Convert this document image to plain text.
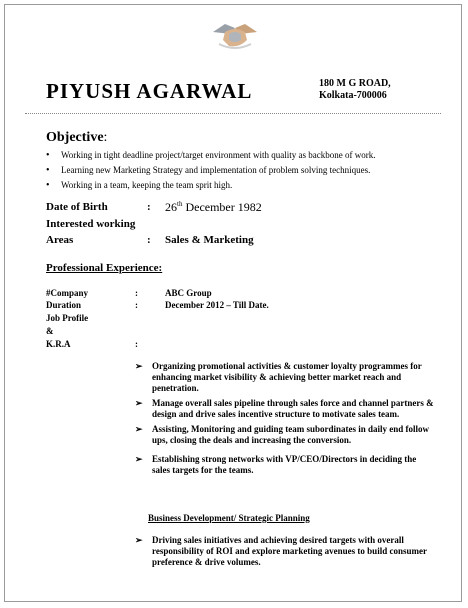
PIYUSH AGARWAL	180 M G ROAD,
Kolkata-700006
Objective:
• Working in tight deadline project/target environment with quality as backbone of work.
• Learning new Marketing Strategy and implementation of problem solving techniques.
• Working in a team, keeping the team sprit high.
Date of Birth	: 26th December 1982
Interested working
Areas	: Sales & Marketing
Professional Experience:
#Company	:	ABC Group
Duration	:	December 2012 – Till Date.
Job Profile
&
K.R.A	:
➢ Organizing promotional activities & customer loyalty programmes for enhancing market visibility & achieving better market reach and penetration.
➢ Manage overall sales pipeline through sales force and channel partners & design and drive sales incentive structure to motivate sales team.
➢ Assisting, Monitoring and guiding team subordinates in daily end follow ups, closing the deals and increasing the conversion.
➢ Establishing strong networks with VP/CEO/Directors in deciding the sales targets for the teams.
Business Development/ Strategic Planning
➢ Driving sales initiatives and achieving desired targets with overall responsibility of ROI and explore marketing avenues to build consumer preference & drive volumes.
